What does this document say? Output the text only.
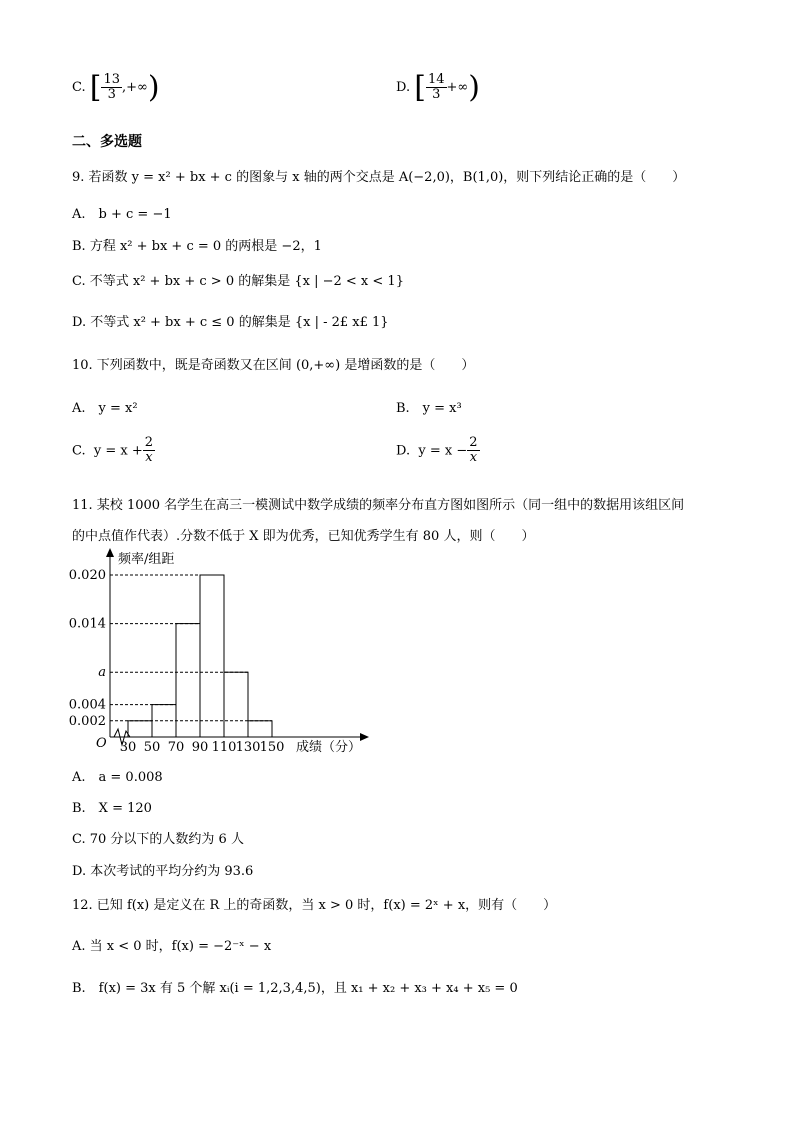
C. [ $\frac{13}{3}$ ,+∞)	D. [ $\frac{14}{3}$ +∞)
二、多选题
9. 若函数 y = x² + bx + c 的图象与 x 轴的两个交点是 A(−2,0)，B(1,0)，则下列结论正确的是（　　）
A.　b + c = −1
B. 方程 x² + bx + c = 0 的两根是 −2，1
C. 不等式 x² + bx + c > 0 的解集是 {x | −2 < x < 1}
D. 不等式 x² + bx + c ≤ 0 的解集是 {x | - 2£ x£ 1}
10. 下列函数中，既是奇函数又在区间 (0,+∞) 是增函数的是（　　）
A.　y = x²	B.　y = x³
C. $y = x + \frac{2}{x}$	D. $y = x - \frac{2}{x}$
11. 某校 1000 名学生在高三一模测试中数学成绩的频率分布直方图如图所示（同一组中的数据用该组区间
的中点值作代表）.分数不低于 X 即为优秀，已知优秀学生有 80 人，则（　　）
0.020
0.014
a
0.004
0.002
30 50 70 90 110 130 150
频率/组距
成绩（分）
O
A.　a = 0.008
B.　X = 120
C. 70 分以下的人数约为 6 人
D. 本次考试的平均分约为 93.6
12. 已知 f(x) 是定义在 R 上的奇函数，当 x > 0 时，f(x) = 2ˣ + x，则有（　　）
A. 当 x < 0 时，f(x) = −2⁻ˣ − x
B.　f(x) = 3x 有 5 个解 xᵢ(i = 1,2,3,4,5)，且 x₁ + x₂ + x₃ + x₄ + x₅ = 0
